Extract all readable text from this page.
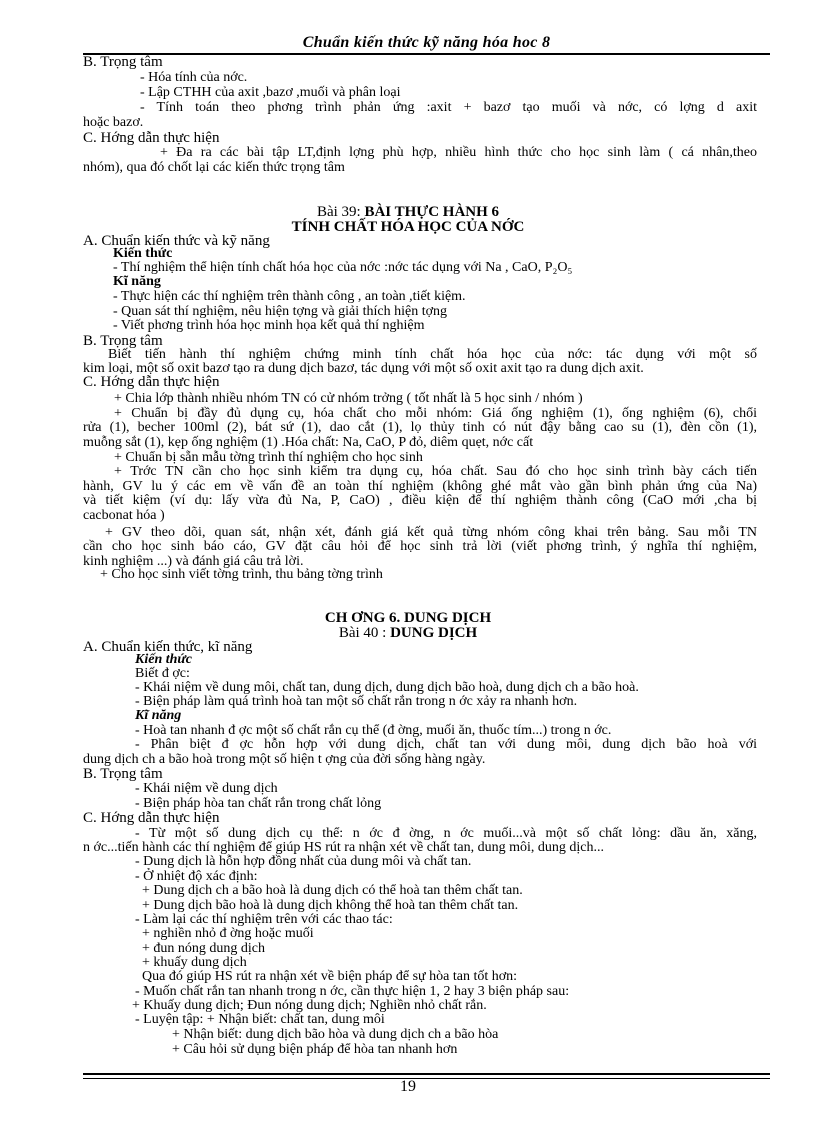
Chuẩn kiến thức kỹ năng hóa hoc 8
B. Trọng tâm
- Hóa tính của nớc.
- Lập CTHH của axit ,bazơ ,muối và phân loại
- Tính toán theo phơng trình phản ứng :axit + bazơ tạo muối và nớc, có lợng d axit
hoặc bazơ.
C. Hớng dẫn thực hiện
+ Đa ra các bài tập LT,định lợng phù hợp, nhiều hình thức cho học sinh làm ( cá nhân,theo
nhóm), qua đó chốt lại các kiến thức trọng tâm
Bài 39: BÀI THỰC HÀNH 6
TÍNH CHẤT HÓA HỌC CỦA NỚC
A. Chuẩn kiến thức và kỹ năng
Kiến thức
- Thí nghiệm thể hiện tính chất hóa học của nớc :nớc tác dụng với Na , CaO, P₂O₅
Kĩ năng
- Thực hiện các thí nghiệm trên thành công , an toàn ,tiết kiệm.
- Quan sát thí nghiệm, nêu hiện tợng và giải thích hiện tợng
- Viết phơng trình hóa học minh họa kết quả thí nghiệm
B. Trọng tâm
Biết tiến hành thí nghiệm chứng minh tính chất hóa học của nớc: tác dụng với một số
kim loại, một số oxit bazơ tạo ra dung dịch bazơ, tác dụng với một số oxit axit tạo ra dung dịch axit.
C. Hớng dẫn thực hiện
+ Chia lớp thành nhiều nhóm TN có cử nhóm trởng ( tốt nhất là 5 học sinh / nhóm )
+ Chuẩn bị đầy đủ dụng cụ, hóa chất cho mỗi nhóm: Giá ống nghiệm (1), ống nghiệm (6), chổi
rửa (1), becher 100ml (2), bát sứ (1), dao cắt (1), lọ thủy tinh có nút đậy bằng cao su (1), đèn cồn (1),
muỗng sắt (1), kẹp ống nghiệm (1) .Hóa chất: Na, CaO, P đỏ, diêm quẹt, nớc cất
+ Chuẩn bị sẵn mẫu tờng trình thí nghiệm cho học sinh
+ Trớc TN cần cho học sinh kiểm tra dụng cụ, hóa chất. Sau đó cho học sinh trình bày cách tiến
hành, GV lu ý các em về vấn đề an toàn thí nghiệm (không ghé mắt vào gần bình phản ứng của Na)
và tiết kiệm (ví dụ: lấy vừa đủ Na, P, CaO) , điều kiện để thí nghiệm thành công (CaO mới ,cha bị
cacbonat hóa )
+ GV theo dõi, quan sát, nhận xét, đánh giá kết quả từng nhóm công khai trên bảng. Sau mỗi TN
cần cho học sinh báo cáo, GV đặt câu hỏi để học sinh trả lời (viết phơng trình, ý nghĩa thí nghiệm,
kinh nghiệm ...) và đánh giá câu trả lời.
+ Cho học sinh viết tờng trình, thu bảng tờng trình
CH ƠNG 6. DUNG DỊCH
Bài 40 : DUNG DỊCH
A. Chuẩn kiến thức, kĩ năng
Kiến thức
Biết đ ợc:
- Khái niệm về dung môi, chất tan, dung dịch, dung dịch bão hoà, dung dịch ch a bão hoà.
- Biện pháp làm quá trình hoà tan một số chất rắn trong n ớc xảy ra nhanh hơn.
Kĩ năng
- Hoà tan nhanh đ ợc một số chất rắn cụ thể (đ ờng, muối ăn, thuốc tím...) trong n ớc.
- Phân biệt đ ợc hỗn hợp với dung dịch, chất tan với dung môi, dung dịch bão hoà với
dung dịch ch a bão hoà trong một số hiện t ợng của đời sống hàng ngày.
B. Trọng tâm
- Khái niệm về dung dịch
- Biện pháp hòa tan chất rắn trong chất lỏng
C. Hớng dẫn thực hiện
- Từ một số dung dịch cụ thể: n ớc đ ờng, n ớc muối...và một số chất lỏng: dầu ăn, xăng,
n ớc...tiến hành các thí nghiệm để giúp HS rút ra nhận xét về chất tan, dung môi, dung dịch...
- Dung dịch là hỗn hợp đồng nhất của dung môi và chất tan.
- Ở nhiệt độ xác định:
+ Dung dịch ch a bão hoà là dung dịch có thể hoà tan thêm chất tan.
+ Dung dịch bão hoà là dung dịch không thể hoà tan thêm chất tan.
- Làm lại các thí nghiệm trên với các thao tác:
+ nghiền nhỏ đ ờng hoặc muối
+ đun nóng dung dịch
+ khuấy dung dịch
Qua đó giúp HS rút ra nhận xét về biện pháp để sự hòa tan tốt hơn:
- Muốn chất rắn tan nhanh trong n ớc, cần thực hiện 1, 2 hay 3 biện pháp sau:
+ Khuấy dung dịch; Đun nóng dung dịch; Nghiền nhỏ chất rắn.
- Luyện tập: + Nhận biết: chất tan, dung môi
+ Nhận biết: dung dịch bão hòa và dung dịch ch a bão hòa
+ Câu hỏi sử dụng biện pháp để hòa tan nhanh hơn
19
